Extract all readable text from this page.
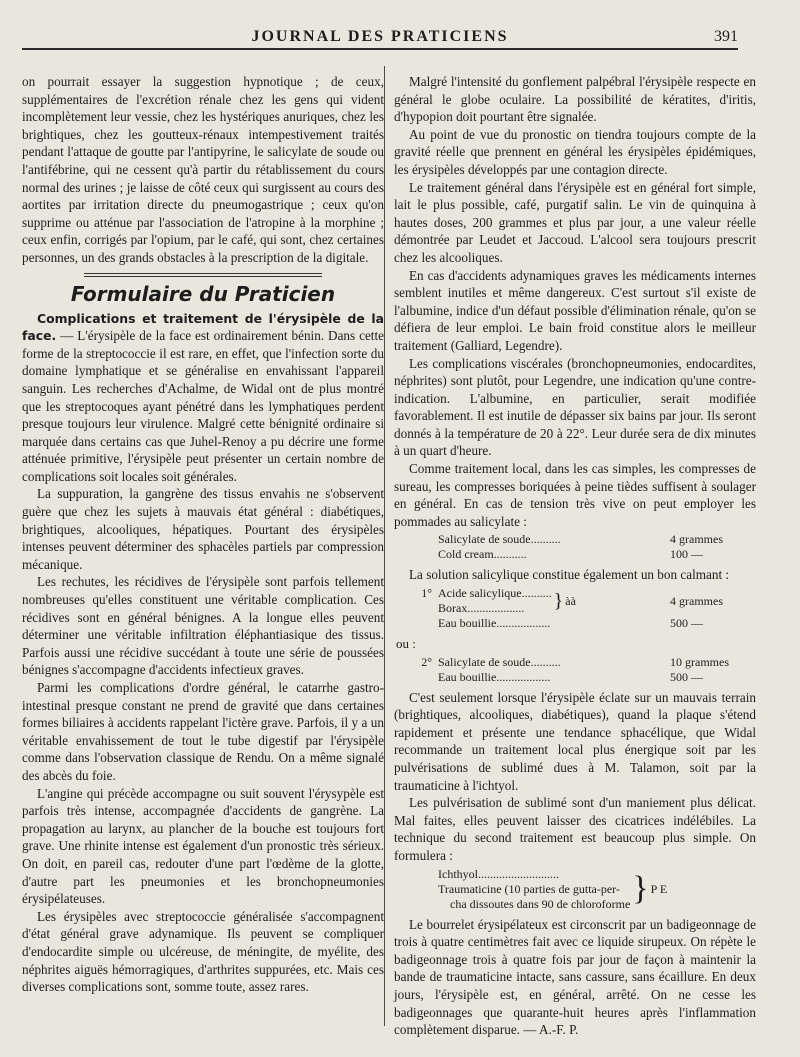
JOURNAL DES PRATICIENS	391

on pourrait essayer la suggestion hypnotique ; de ceux, supplémentaires de l'excrétion rénale chez les gens qui vident incomplètement leur vessie, chez les hystériques anuriques, chez les brightiques, chez les goutteux-rénaux intempestivement traités pendant l'attaque de goutte par l'antipyrine, le salicylate de soude ou l'antifébrine, qui ne cessent qu'à partir du rétablissement du cours normal des urines ; je laisse de côté ceux qui surgissent au cours des aortites par irritation directe du pneumogastrique ; ceux qu'on supprime ou atténue par l'association de l'atropine à la morphine ; ceux enfin, corrigés par l'opium, par le café, qui sont, chez certaines personnes, un des grands obstacles à la prescription de la digitale.

Formulaire du Praticien

Complications et traitement de l'érysipèle de la face. — L'érysipèle de la face est ordinairement bénin. Dans cette forme de la streptococcie il est rare, en effet, que l'infection sorte du domaine lymphatique et se généralise en envahissant l'appareil sanguin. Les recherches d'Achalme, de Widal ont de plus montré que les streptocoques ayant pénétré dans les lymphatiques perdent presque toujours leur virulence. Malgré cette bénignité ordinaire si marquée dans certains cas que Juhel-Renoy a pu décrire une forme atténuée primitive, l'érysipèle peut présenter un certain nombre de complications soit locales soit générales.

La suppuration, la gangrène des tissus envahis ne s'observent guère que chez les sujets à mauvais état général : diabétiques, brightiques, alcooliques, hépatiques. Pourtant des érysipèles intenses peuvent déterminer des sphacèles partiels par compression mécanique.

Les rechutes, les récidives de l'érysipèle sont parfois tellement nombreuses qu'elles constituent une véritable complication. Ces récidives sont en général bénignes. A la longue elles peuvent déterminer une véritable infiltration éléphantiasique des tissus. Parfois aussi une récidive succédant à toute une série de poussées bénignes s'accompagne d'accidents infectieux graves.

Parmi les complications d'ordre général, le catarrhe gastro-intestinal presque constant ne prend de gravité que dans certaines formes biliaires à accidents rappelant l'ictère grave. Parfois, il y a un véritable envahissement de tout le tube digestif par l'érysipèle comme dans l'observation classique de Rendu. On a même signalé des abcès du foie.

L'angine qui précède accompagne ou suit souvent l'érysypèle est parfois très intense, accompagnée d'accidents de gangrène. La propagation au larynx, au plancher de la bouche est toujours fort grave. Une rhinite intense est également d'un pronostic très sérieux. On doit, en pareil cas, redouter d'une part l'œdème de la glotte, d'autre part les pneumonies et les bronchopneumonies érysipélateuses.

Les érysipèles avec streptococcie généralisée s'accompagnent d'état général grave adynamique. Ils peuvent se compliquer d'endocardite simple ou ulcéreuse, de méningite, de myélite, des néphrites aiguës hémorragiques, d'arthrites suppurées, etc. Mais ces diverses complications sont, somme toute, assez rares.

Malgré l'intensité du gonflement palpébral l'érysipèle respecte en général le globe oculaire. La possibilité de kératites, d'iritis, d'hypopion doit pourtant être signalée.

Au point de vue du pronostic on tiendra toujours compte de la gravité réelle que prennent en général les érysipèles épidémiques, les érysipèles développés par une contagion directe.

Le traitement général dans l'érysipèle est en général fort simple, lait le plus possible, café, purgatif salin. Le vin de quinquina à hautes doses, 200 grammes et plus par jour, a une valeur réelle démontrée par Leudet et Jaccoud. L'alcool sera toujours prescrit chez les alcooliques.

En cas d'accidents adynamiques graves les médicaments internes semblent inutiles et même dangereux. C'est surtout s'il existe de l'albumine, indice d'un défaut possible d'élimination rénale, qu'on se défiera de leur emploi. Le bain froid constitue alors le meilleur traitement (Galliard, Legendre).

Les complications viscérales (bronchopneumonies, endocardites, néphrites) sont plutôt, pour Legendre, une indication qu'une contre-indication. L'albumine, en particulier, serait modifiée favorablement. Il est inutile de dépasser six bains par jour. Ils seront donnés à la température de 20 à 22°. Leur durée sera de dix minutes à un quart d'heure.

Comme traitement local, dans les cas simples, les compresses de sureau, les compresses boriquées à peine tièdes suffisent à soulager en général. En cas de tension très vive on peut employer les pommades au salicylate :

Salicylate de soude..........	4 grammes
Cold cream...........	100 —

La solution salicylique constitue également un bon calmant :

1° Acide salicylique..........
Borax...................	} àà	4 grammes
Eau bouillie..................	500 —
ou :
2° Salicylate de soude..........	10 grammes
Eau bouillie..................	500 —

C'est seulement lorsque l'érysipèle éclate sur un mauvais terrain (brightiques, alcooliques, diabétiques), quand la plaque s'étend rapidement et présente une tendance sphacélique, que Widal recommande un traitement local plus énergique soit par les pulvérisations de sublimé dues à M. Talamon, soit par la traumaticine à l'ichtyol.

Les pulvérisation de sublimé sont d'un maniement plus délicat. Mal faites, elles peuvent laisser des cicatrices indélébiles. La technique du second traitement est beaucoup plus simple. On formulera :

Ichthyol...........................
Traumaticine (10 parties de gutta-per-
cha dissoutes dans 90 de chloroforme } P E

Le bourrelet érysipélateux est circonscrit par un badigeonnage de trois à quatre centimètres fait avec ce liquide sirupeux. On répète le badigeonnage trois à quatre fois par jour de façon à maintenir la bande de traumaticine intacte, sans cassure, sans écaillure. En deux jours, l'érysipèle est, en général, arrêté. On ne cesse les badigeonnages que quarante-huit heures après l'inflammation complètement disparue. — A.-F. P.
